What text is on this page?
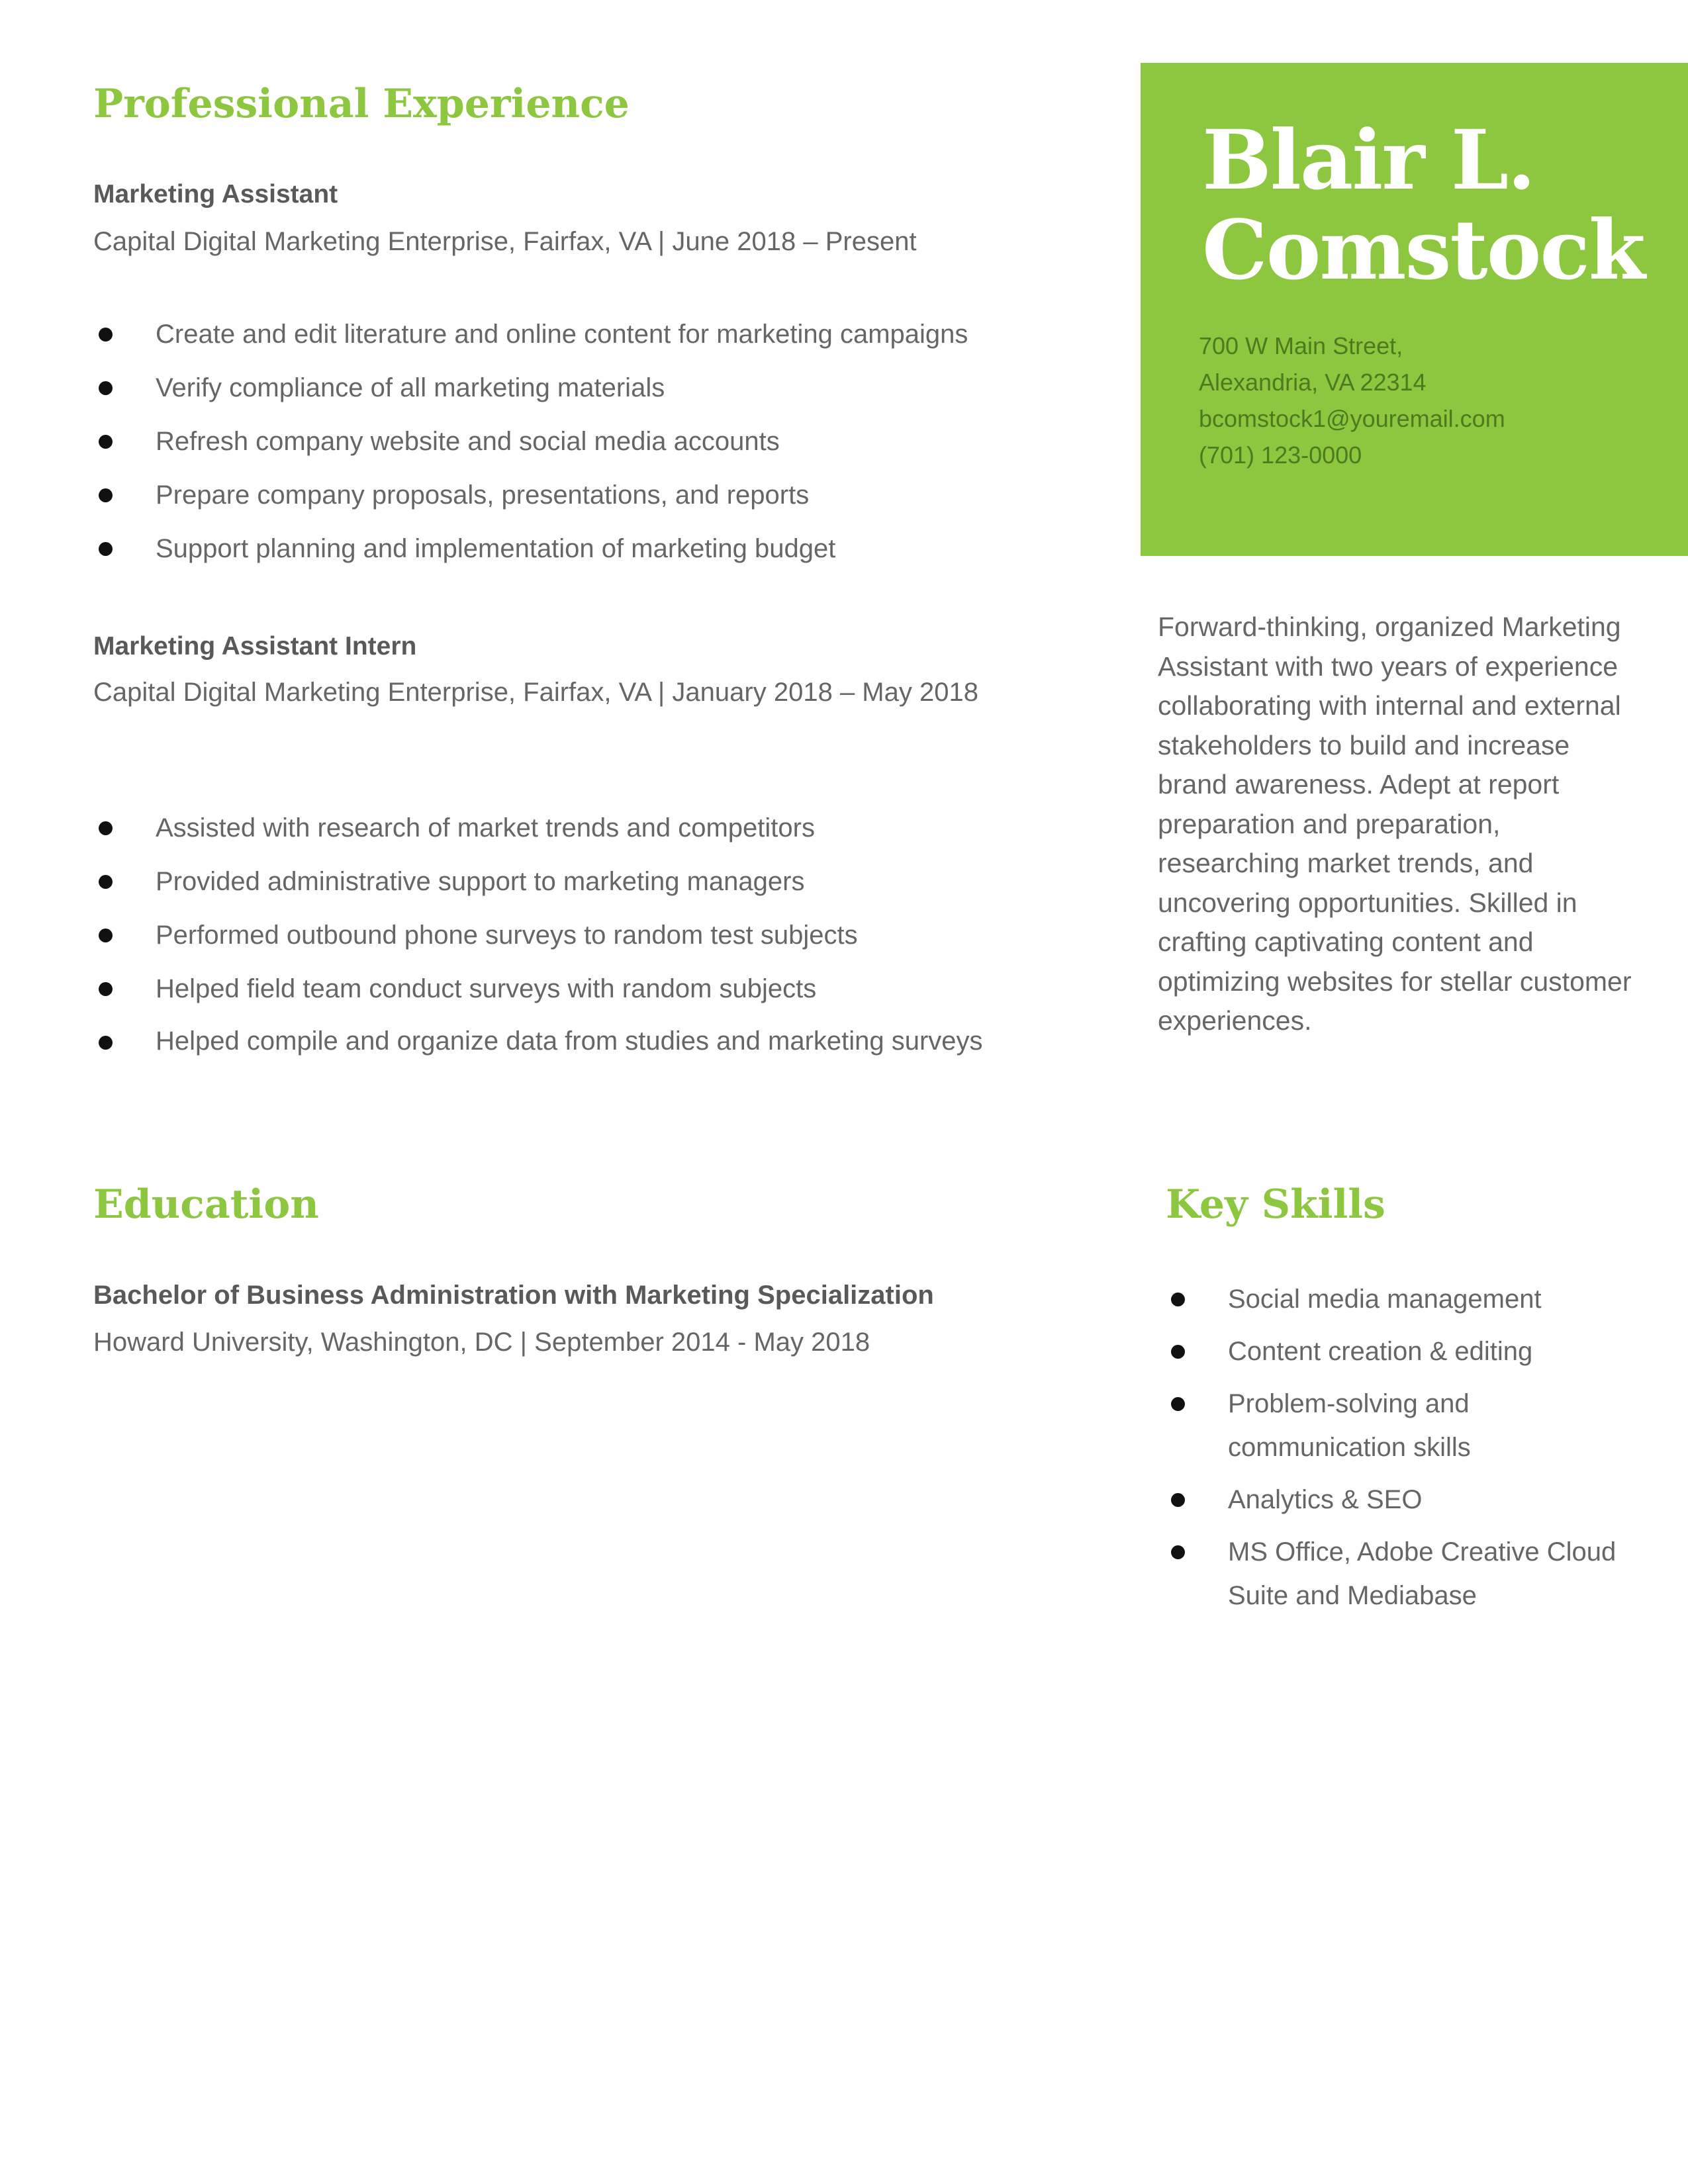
Professional Experience
Marketing Assistant
Capital Digital Marketing Enterprise, Fairfax, VA | June 2018 – Present
Create and edit literature and online content for marketing campaigns
Verify compliance of all marketing materials
Refresh company website and social media accounts
Prepare company proposals, presentations, and reports
Support planning and implementation of marketing budget
Marketing Assistant Intern
Capital Digital Marketing Enterprise, Fairfax, VA | January 2018 – May 2018
Assisted with research of market trends and competitors
Provided administrative support to marketing managers
Performed outbound phone surveys to random test subjects
Helped field team conduct surveys with random subjects
Helped compile and organize data from studies and marketing surveys
Education
Bachelor of Business Administration with Marketing Specialization
Howard University, Washington, DC | September 2014 - May 2018
Blair L.
Comstock
700 W Main Street,
Alexandria, VA 22314
bcomstock1@youremail.com
(701) 123-0000
Forward-thinking, organized Marketing Assistant with two years of experience collaborating with internal and external stakeholders to build and increase brand awareness. Adept at report preparation and preparation, researching market trends, and uncovering opportunities. Skilled in crafting captivating content and optimizing websites for stellar customer experiences.
Key Skills
Social media management
Content creation & editing
Problem-solving and communication skills
Analytics & SEO
MS Office, Adobe Creative Cloud Suite and Mediabase
